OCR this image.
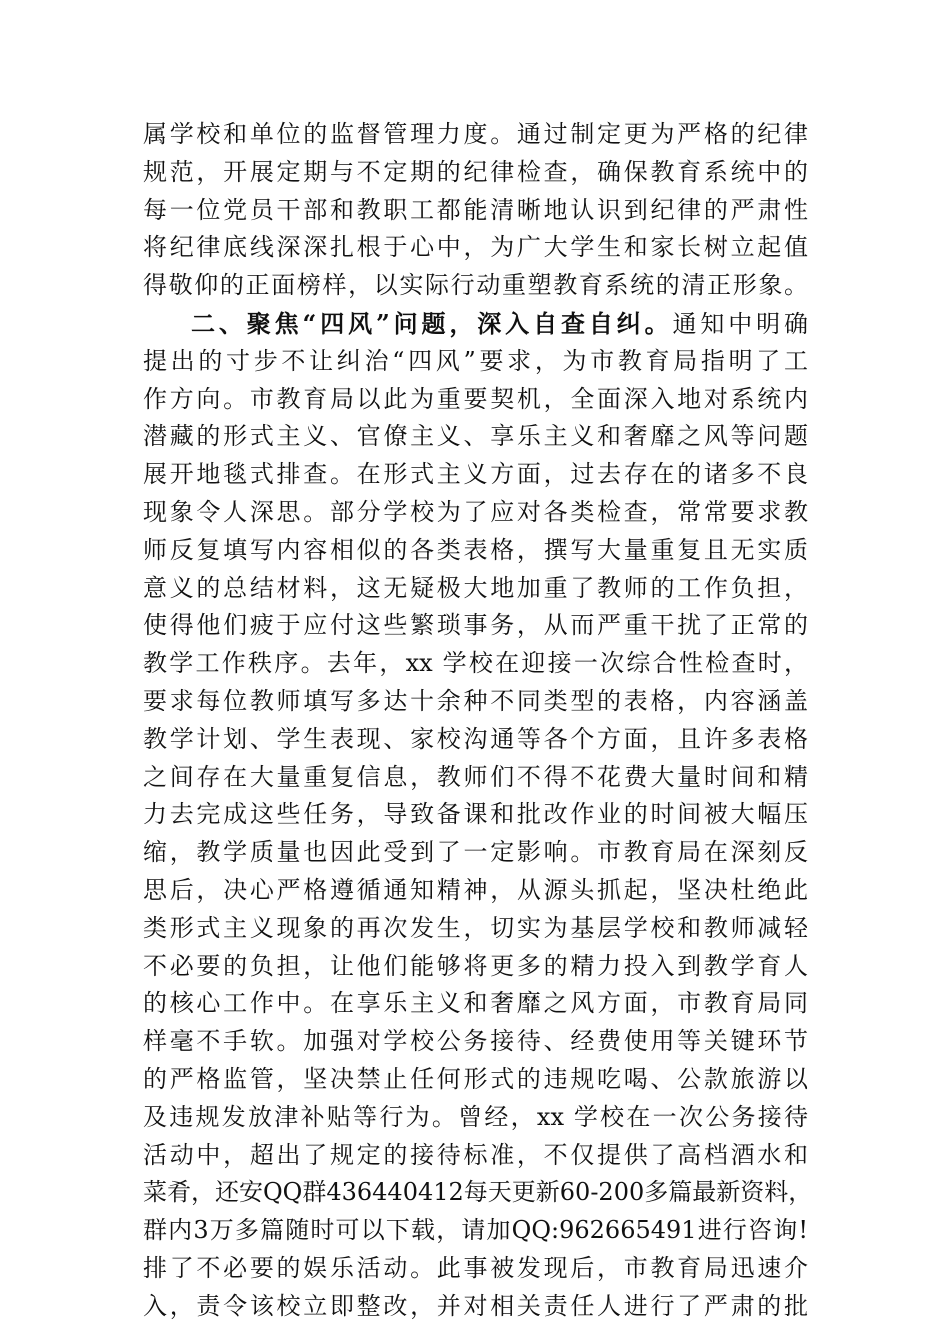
属学校和单位的监督管理力度。通过制定更为严格的纪律
规范，开展定期与不定期的纪律检查，确保教育系统中的
每一位党员干部和教职工都能清晰地认识到纪律的严肃性
将纪律底线深深扎根于心中，为广大学生和家长树立起值
得敬仰的正面榜样，以实际行动重塑教育系统的清正形象。
二、聚焦“四风”问题，深入自查自纠。通知中明确
提出的寸步不让纠治“四风”要求，为市教育局指明了工
作方向。市教育局以此为重要契机，全面深入地对系统内
潜藏的形式主义、官僚主义、享乐主义和奢靡之风等问题
展开地毯式排查。在形式主义方面，过去存在的诸多不良
现象令人深思。部分学校为了应对各类检查，常常要求教
师反复填写内容相似的各类表格，撰写大量重复且无实质
意义的总结材料，这无疑极大地加重了教师的工作负担，
使得他们疲于应付这些繁琐事务，从而严重干扰了正常的
教学工作秩序。去年，xx 学校在迎接一次综合性检查时，
要求每位教师填写多达十余种不同类型的表格，内容涵盖
教学计划、学生表现、家校沟通等各个方面，且许多表格
之间存在大量重复信息，教师们不得不花费大量时间和精
力去完成这些任务，导致备课和批改作业的时间被大幅压
缩，教学质量也因此受到了一定影响。市教育局在深刻反
思后，决心严格遵循通知精神，从源头抓起，坚决杜绝此
类形式主义现象的再次发生，切实为基层学校和教师减轻
不必要的负担，让他们能够将更多的精力投入到教学育人
的核心工作中。在享乐主义和奢靡之风方面，市教育局同
样毫不手软。加强对学校公务接待、经费使用等关键环节
的严格监管，坚决禁止任何形式的违规吃喝、公款旅游以
及违规发放津补贴等行为。曾经，xx 学校在一次公务接待
活动中，超出了规定的接待标准，不仅提供了高档酒水和
菜肴，还安QQ群436440412每天更新60-200多篇最新资料，
群内3万多篇随时可以下载，请加QQ:962665491进行咨询!
排了不必要的娱乐活动。此事被发现后，市教育局迅速介
入，责令该校立即整改，并对相关责任人进行了严肃的批
